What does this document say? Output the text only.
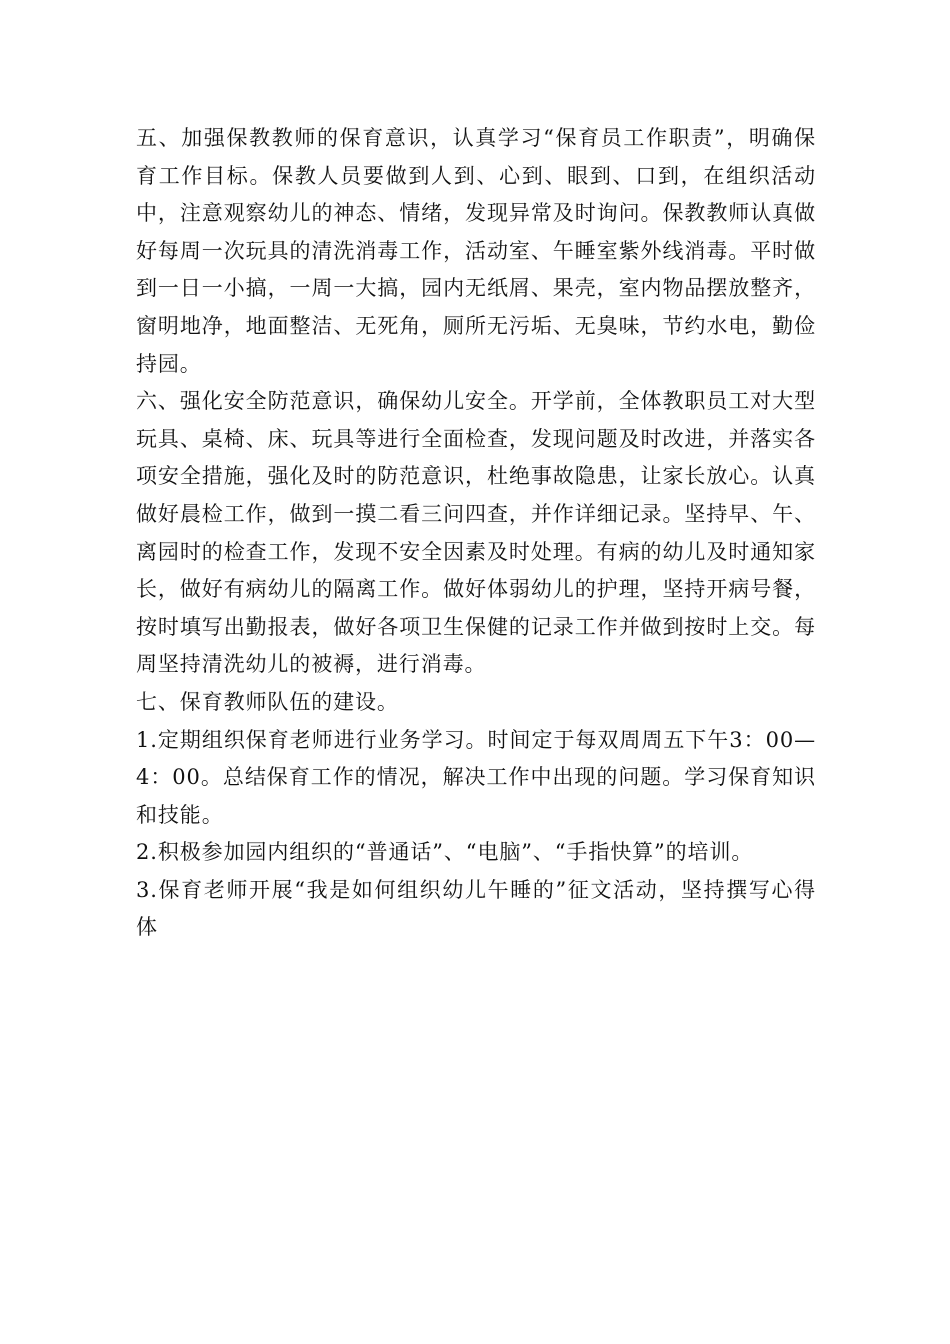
五、加强保教教师的保育意识，认真学习“保育员工作职责”，明确保育工作目标。保教人员要做到人到、心到、眼到、口到，在组织活动中，注意观察幼儿的神态、情绪，发现异常及时询问。保教教师认真做好每周一次玩具的清洗消毒工作，活动室、午睡室紫外线消毒。平时做到一日一小搞，一周一大搞，园内无纸屑、果壳，室内物品摆放整齐，窗明地净，地面整洁、无死角，厕所无污垢、无臭味，节约水电，勤俭持园。

六、强化安全防范意识，确保幼儿安全。开学前，全体教职员工对大型玩具、桌椅、床、玩具等进行全面检查，发现问题及时改进，并落实各项安全措施，强化及时的防范意识，杜绝事故隐患，让家长放心。认真做好晨检工作，做到一摸二看三问四查，并作详细记录。坚持早、午、离园时的检查工作，发现不安全因素及时处理。有病的幼儿及时通知家长，做好有病幼儿的隔离工作。做好体弱幼儿的护理，坚持开病号餐，按时填写出勤报表，做好各项卫生保健的记录工作并做到按时上交。每周坚持清洗幼儿的被褥，进行消毒。

七、保育教师队伍的建设。

1.定期组织保育老师进行业务学习。时间定于每双周周五下午3：00—4：00。总结保育工作的情况，解决工作中出现的问题。学习保育知识和技能。

2.积极参加园内组织的“普通话”、“电脑”、“手指快算”的培训。

3.保育老师开展“我是如何组织幼儿午睡的”征文活动，坚持撰写心得体
